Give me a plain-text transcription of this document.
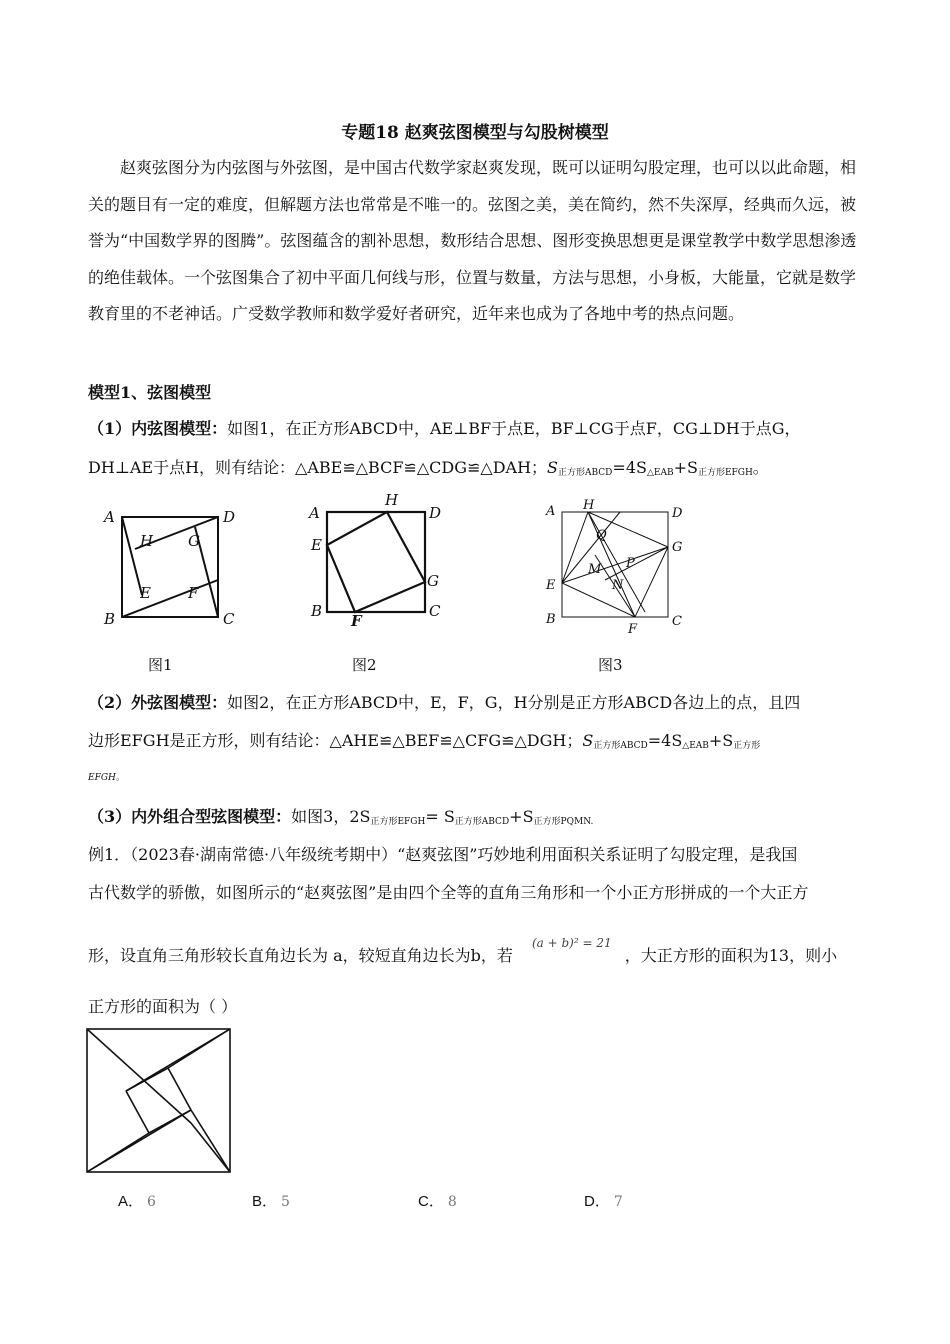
专题18 赵爽弦图模型与勾股树模型
赵爽弦图分为内弦图与外弦图，是中国古代数学家赵爽发现，既可以证明勾股定理，也可以以此命题，相关的题目有一定的难度，但解题方法也常常是不唯一的。弦图之美，美在简约，然不失深厚，经典而久远，被誉为“中国数学界的图腾”。弦图蕴含的割补思想，数形结合思想、图形变换思想更是课堂教学中数学思想渗透的绝佳载体。一个弦图集合了初中平面几何线与形，位置与数量，方法与思想，小身板，大能量，它就是数学教育里的不老神话。广受数学教师和数学爱好者研究，近年来也成为了各地中考的热点问题。
模型1、弦图模型
（1）内弦图模型：如图1，在正方形ABCD中，AE⊥BF于点E，BF⊥CG于点F，CG⊥DH于点G，
DH⊥AE于点H，则有结论：△ABE≌△BCF≌△CDG≌△DAH；$S_{正方形ABCD}=4S_{\triangle EAB}+S_{正方形EFGH}$。
A	D
H G
E F
B	C
H
A	D
E
G
B	C
F
A H
D
Q
G
P
M
N
E
B
F
C
图1	图2	图3
（2）外弦图模型：如图2，在正方形ABCD中，E，F，G，H分别是正方形ABCD各边上的点，且四
边形EFGH是正方形，则有结论：△AHE≌△BEF≌△CFG≌△DGH；$S_{正方形ABCD}=4S_{\triangle EAB}+S_{正方形}$
EFGH。
（3）内外组合型弦图模型：如图3，$2S_{正方形EFGH}= S_{正方形ABCD}+S_{正方形PQMN.}$
例1．（2023春·湖南常德·八年级统考期中）“赵爽弦图”巧妙地利用面积关系证明了勾股定理，是我国
古代数学的骄傲，如图所示的“赵爽弦图”是由四个全等的直角三角形和一个小正方形拼成的一个大正方
形，设直角三角形较长直角边长为 a，较短直角边长为b，若 $^{(a + b)^2 = 21}$ ，大正方形的面积为13，则小
正方形的面积为（ ）
A． 6	B． 5	C． 8	D． 7
